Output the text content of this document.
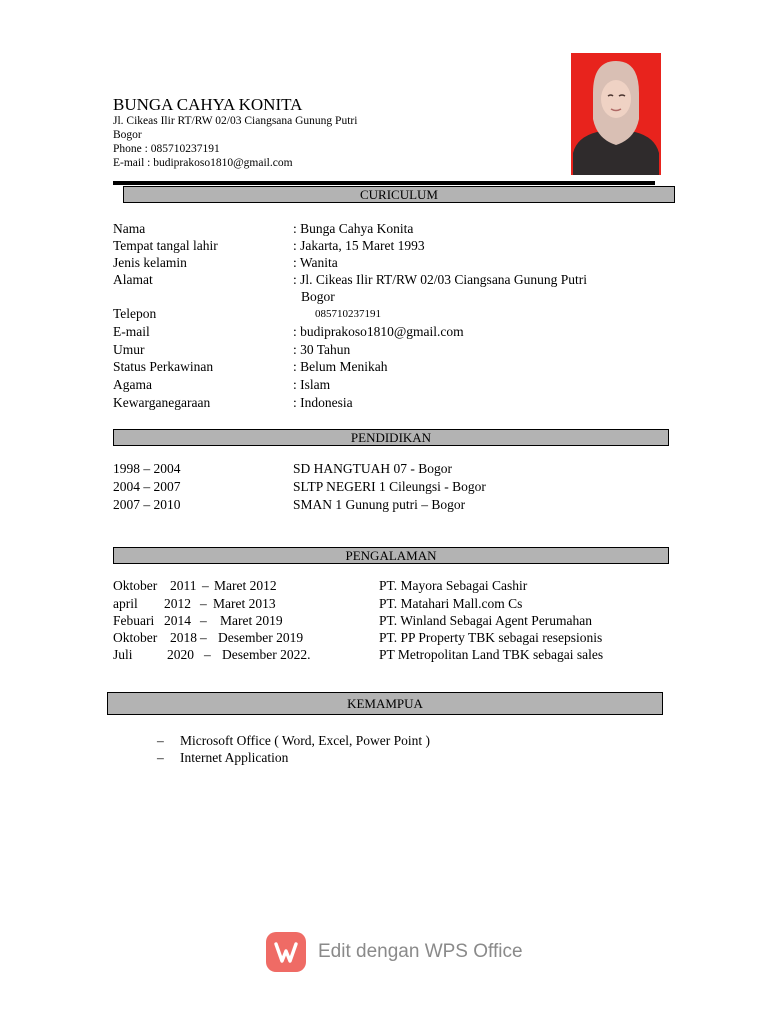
BUNGA CAHYA KONITA
Jl. Cikeas Ilir RT/RW 02/03 Ciangsana Gunung Putri
Bogor
Phone : 085710237191
E-mail : budiprakoso1810@gmail.com
CURICULUM
Nama	: Bunga Cahya Konita
Tempat tangal lahir	: Jakarta, 15 Maret 1993
Jenis kelamin	: Wanita
Alamat	: Jl. Cikeas Ilir RT/RW 02/03 Ciangsana Gunung Putri
Bogor
Telepon	085710237191
E-mail	: budiprakoso1810@gmail.com
Umur	: 30 Tahun
Status Perkawinan	: Belum Menikah
Agama	: Islam
Kewarganegaraan	: Indonesia
PENDIDIKAN
1998 – 2004	SD HANGTUAH 07 - Bogor
2004 – 2007	SLTP NEGERI 1 Cileungsi - Bogor
2007 – 2010	SMAN 1 Gunung putri – Bogor
PENGALAMAN
Oktober 2011 – Maret 2012	PT. Mayora Sebagai Cashir
april 2012 – Maret 2013	PT. Matahari Mall.com Cs
Febuari 2014 – Maret 2019	PT. Winland Sebagai Agent Perumahan
Oktober 2018 – Desember 2019	PT. PP Property TBK sebagai resepsionis
Juli	2020 – Desember 2022.	PT Metropolitan Land TBK sebagai sales
KEMAMPUA
– Microsoft Office ( Word, Excel, Power Point )
– Internet Application
Edit dengan WPS Office
